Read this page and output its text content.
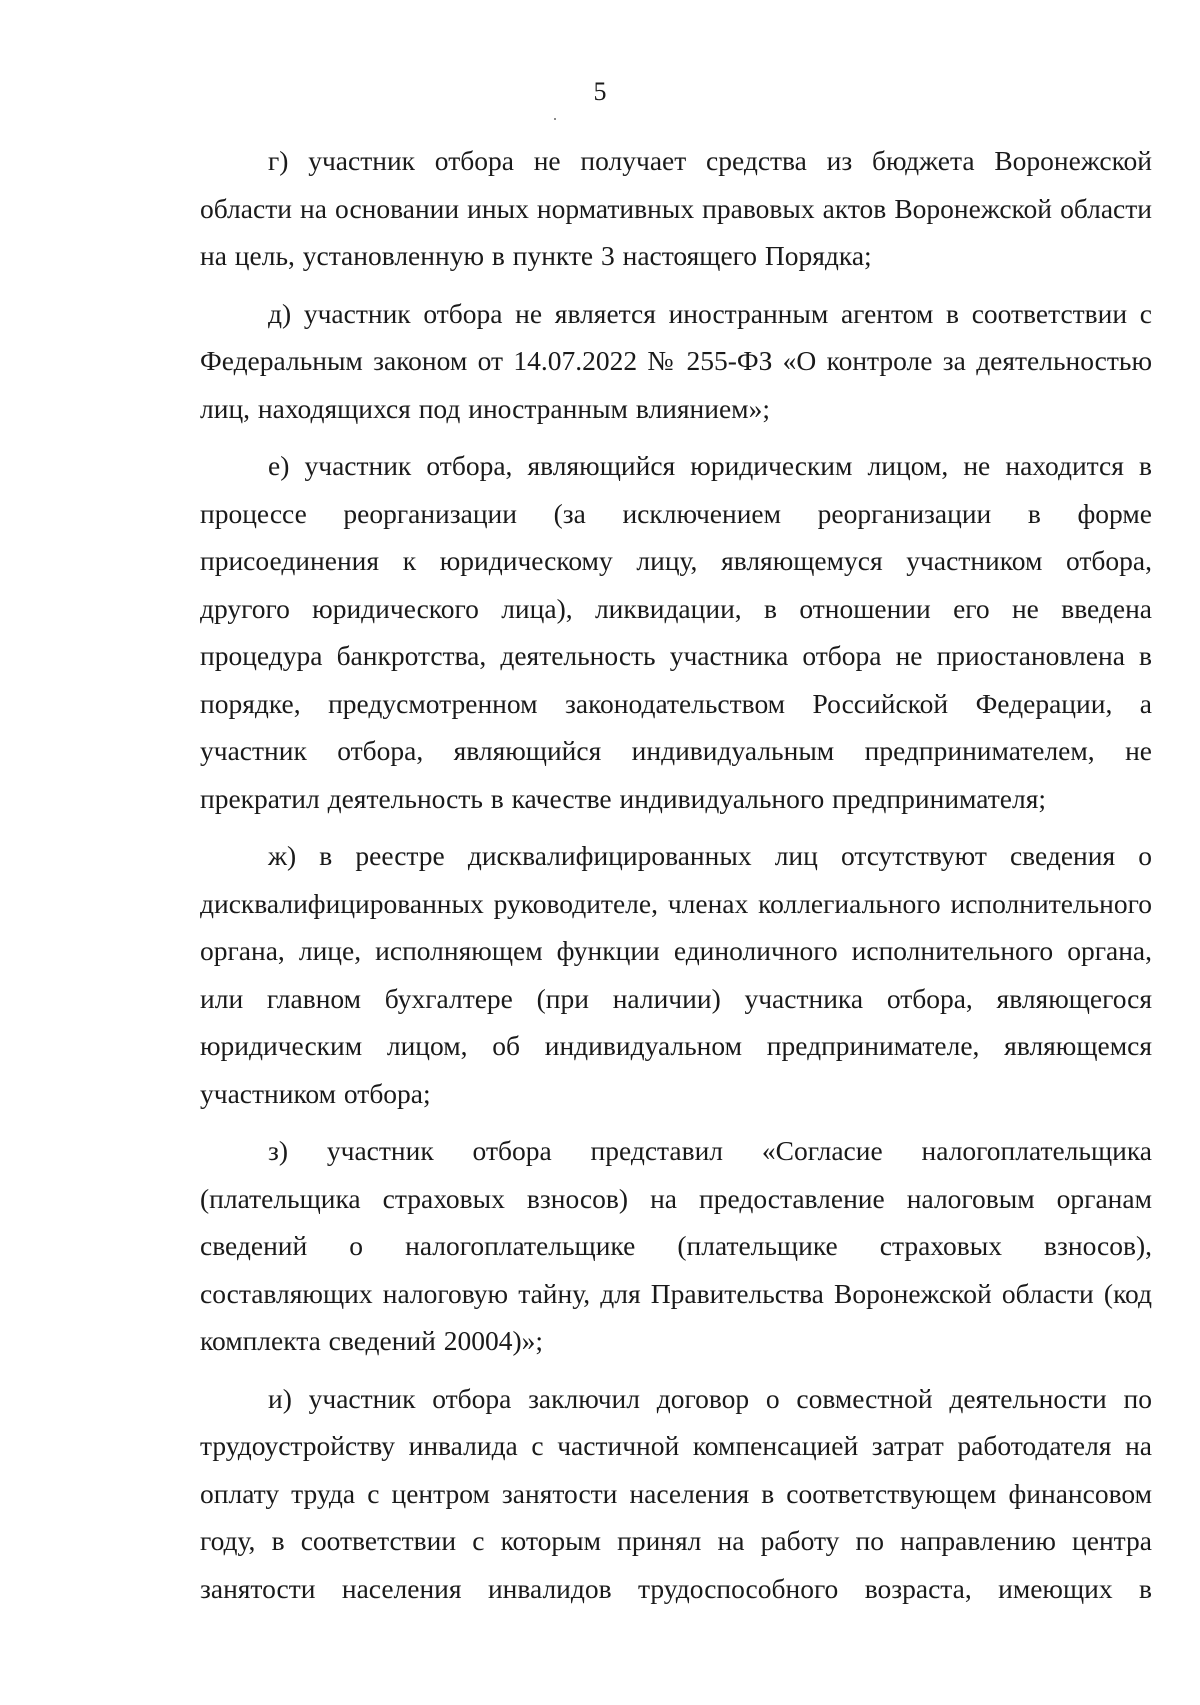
5

г) участник отбора не получает средства из бюджета Воронежской области на основании иных нормативных правовых актов Воронежской области на цель, установленную в пункте 3 настоящего Порядка;

д) участник отбора не является иностранным агентом в соответствии с Федеральным законом от 14.07.2022 № 255-ФЗ «О контроле за деятельностью лиц, находящихся под иностранным влиянием»;

е) участник отбора, являющийся юридическим лицом, не находится в процессе реорганизации (за исключением реорганизации в форме присоединения к юридическому лицу, являющемуся участником отбора, другого юридического лица), ликвидации, в отношении его не введена процедура банкротства, деятельность участника отбора не приостановлена в порядке, предусмотренном законодательством Российской Федерации, а участник отбора, являющийся индивидуальным предпринимателем, не прекратил деятельность в качестве индивидуального предпринимателя;

ж) в реестре дисквалифицированных лиц отсутствуют сведения о дисквалифицированных руководителе, членах коллегиального исполнительного органа, лице, исполняющем функции единоличного исполнительного органа, или главном бухгалтере (при наличии) участника отбора, являющегося юридическим лицом, об индивидуальном предпринимателе, являющемся участником отбора;

з) участник отбора представил «Согласие налогоплательщика (плательщика страховых взносов) на предоставление налоговым органам сведений о налогоплательщике (плательщике страховых взносов), составляющих налоговую тайну, для Правительства Воронежской области (код комплекта сведений 20004)»;

и) участник отбора заключил договор о совместной деятельности по трудоустройству инвалида с частичной компенсацией затрат работодателя на оплату труда с центром занятости населения в соответствующем финансовом году, в соответствии с которым принял на работу по направлению центра занятости населения инвалидов трудоспособного возраста, имеющих в
